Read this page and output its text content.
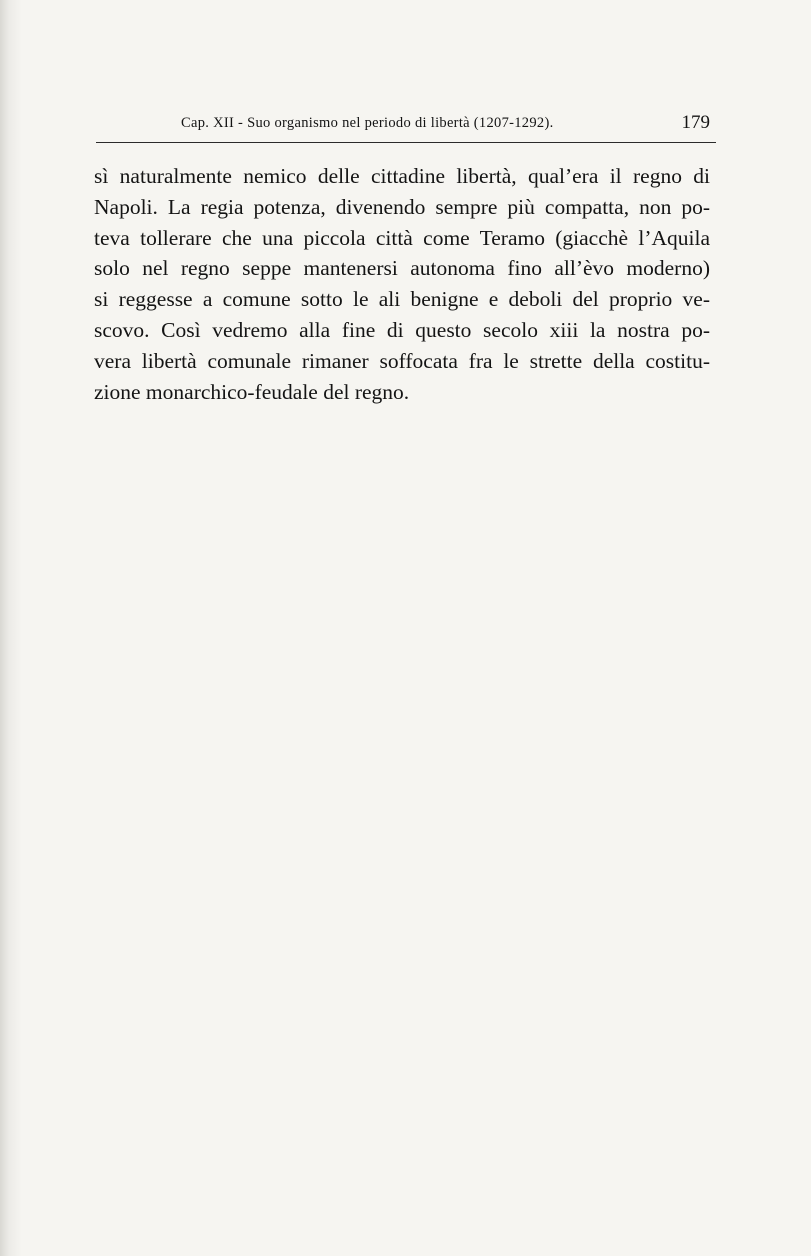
Cap. XII - Suo organismo nel periodo di libertà (1207-1292).	179

sì naturalmente nemico delle cittadine libertà, qual’era il regno di
Napoli. La regia potenza, divenendo sempre più compatta, non po-
teva tollerare che una piccola città come Teramo (giacchè l’Aquila
solo nel regno seppe mantenersi autonoma fino all’èvo moderno)
si reggesse a comune sotto le ali benigne e deboli del proprio ve-
scovo. Così vedremo alla fine di questo secolo xiii la nostra po-
vera libertà comunale rimaner soffocata fra le strette della costitu-
zione monarchico-feudale del regno.
